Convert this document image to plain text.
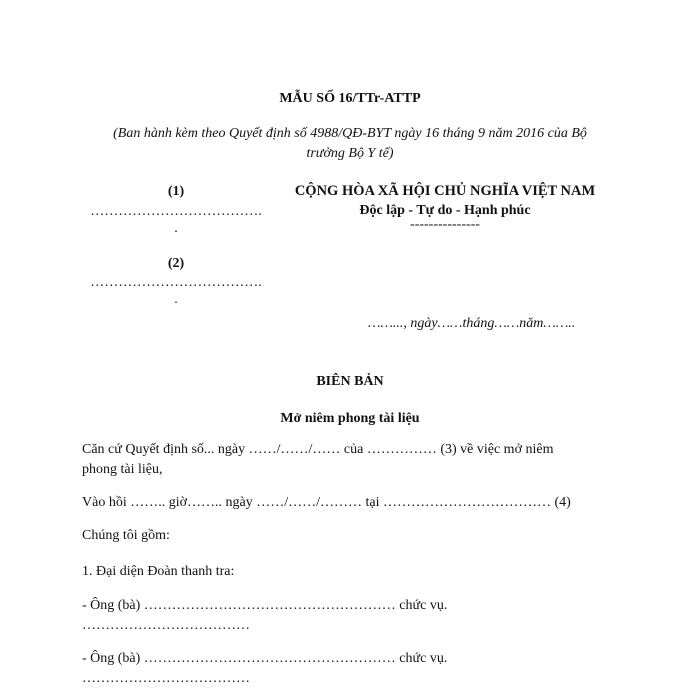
MẪU SỐ 16/TTr-ATTP
(Ban hành kèm theo Quyết định số 4988/QĐ-BYT ngày 16 tháng 9 năm 2016 của Bộ trưởng Bộ Y tế)
(1)
……………………………….
.
(2)
……………………………….
.
CỘNG HÒA XÃ HỘI CHỦ NGHĨA VIỆT NAM
Độc lập - Tự do - Hạnh phúc
---------------
……..., ngày……tháng……năm……..
BIÊN BẢN
Mở niêm phong tài liệu
Căn cứ Quyết định số... ngày ……/……/…… của …………… (3) về việc mở niêm
phong tài liệu,
Vào hồi …….. giờ…….. ngày ……/……/……… tại ……………………………… (4)
Chúng tôi gồm:
1. Đại diện Đoàn thanh tra:
- Ông (bà) ……………………………………………… chức vụ.
………………………………
- Ông (bà) ……………………………………………… chức vụ.
………………………………
